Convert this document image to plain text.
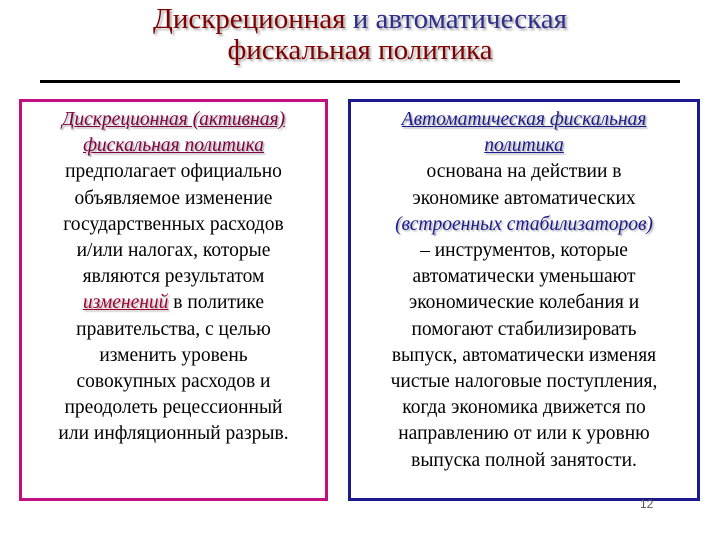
Дискреционная и автоматическая
фискальная политика
Дискреционная (активная)
фискальная политика
предполагает официально
объявляемое изменение
государственных расходов
и/или налогах, которые
являются результатом
изменений в политике
правительства, с целью
изменить уровень
совокупных расходов и
преодолеть рецессионный
или инфляционный разрыв.
Автоматическая фискальная
политика
основана на действии в
экономике автоматических
(встроенных стабилизаторов)
– инструментов, которые
автоматически уменьшают
экономические колебания и
помогают стабилизировать
выпуск, автоматически изменяя
чистые налоговые поступления,
когда экономика движется по
направлению от или к уровню
выпуска полной занятости.
12
